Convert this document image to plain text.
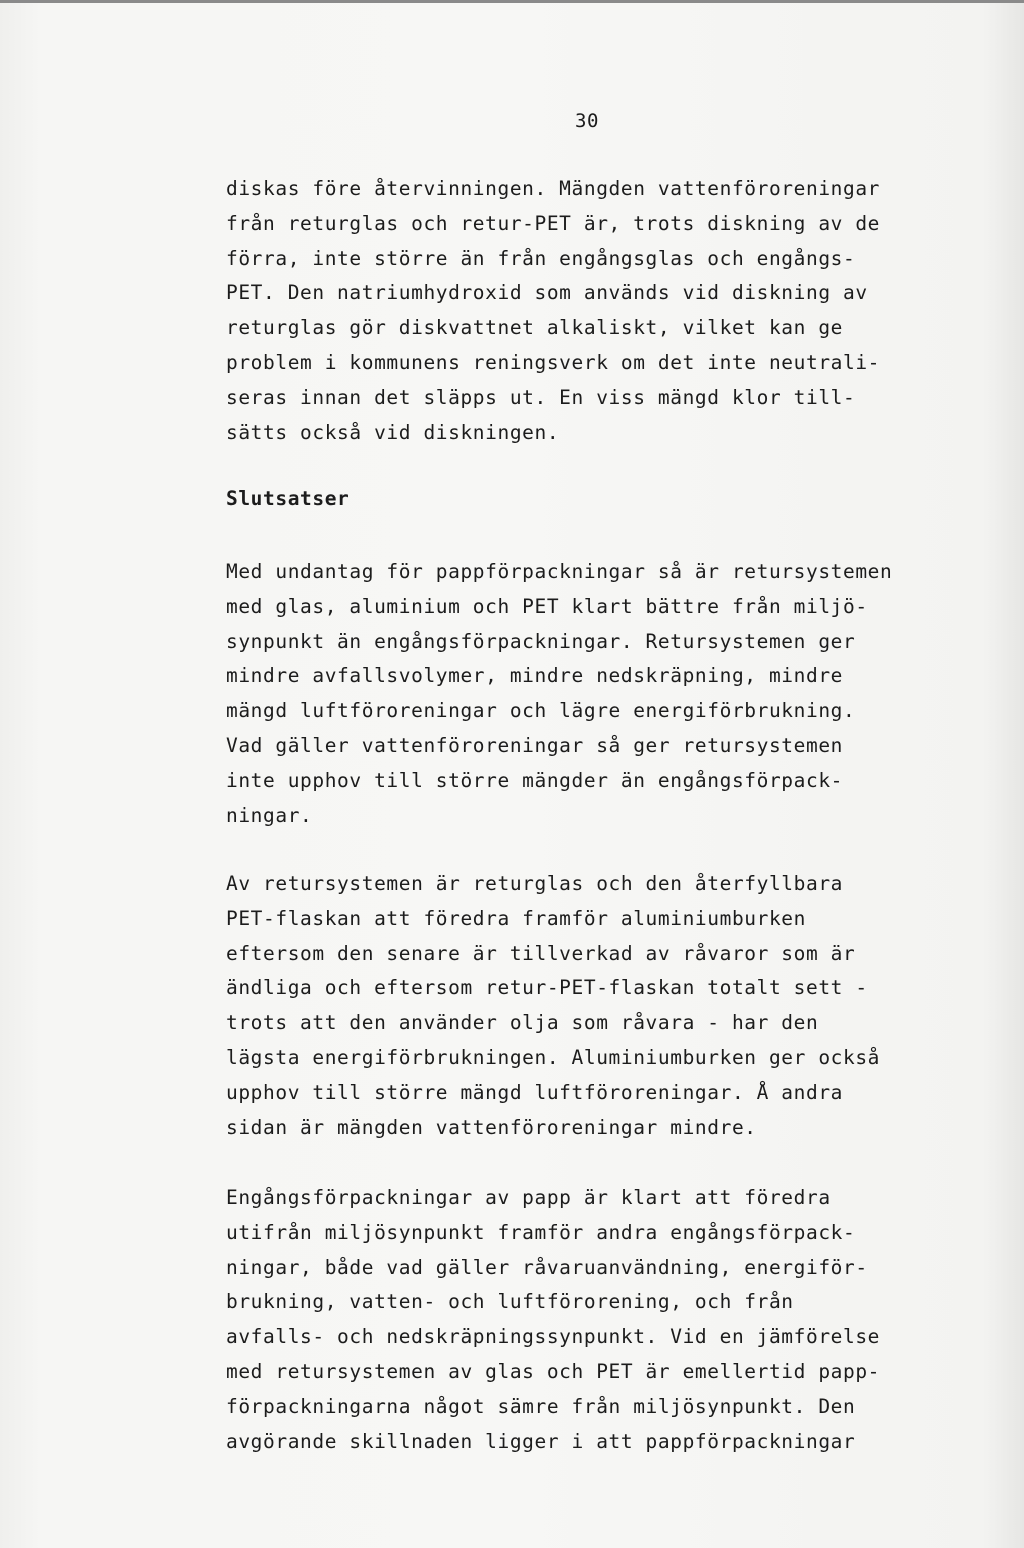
30
diskas före återvinningen. Mängden vattenföroreningar
från returglas och retur-PET är, trots diskning av de
förra, inte större än från engångsglas och engångs-
PET. Den natriumhydroxid som används vid diskning av
returglas gör diskvattnet alkaliskt, vilket kan ge
problem i kommunens reningsverk om det inte neutrali-
seras innan det släpps ut. En viss mängd klor till-
sätts också vid diskningen.
Slutsatser
Med undantag för pappförpackningar så är retursystemen
med glas, aluminium och PET klart bättre från miljö-
synpunkt än engångsförpackningar. Retursystemen ger
mindre avfallsvolymer, mindre nedskräpning, mindre
mängd luftföroreningar och lägre energiförbrukning.
Vad gäller vattenföroreningar så ger retursystemen
inte upphov till större mängder än engångsförpack-
ningar.
Av retursystemen är returglas och den återfyllbara
PET-flaskan att föredra framför aluminiumburken
eftersom den senare är tillverkad av råvaror som är
ändliga och eftersom retur-PET-flaskan totalt sett -
trots att den använder olja som råvara - har den
lägsta energiförbrukningen. Aluminiumburken ger också
upphov till större mängd luftföroreningar. Å andra
sidan är mängden vattenföroreningar mindre.
Engångsförpackningar av papp är klart att föredra
utifrån miljösynpunkt framför andra engångsförpack-
ningar, både vad gäller råvaruanvändning, energiför-
brukning, vatten- och luftförorening, och från
avfalls- och nedskräpningssynpunkt. Vid en jämförelse
med retursystemen av glas och PET är emellertid papp-
förpackningarna något sämre från miljösynpunkt. Den
avgörande skillnaden ligger i att pappförpackningar
